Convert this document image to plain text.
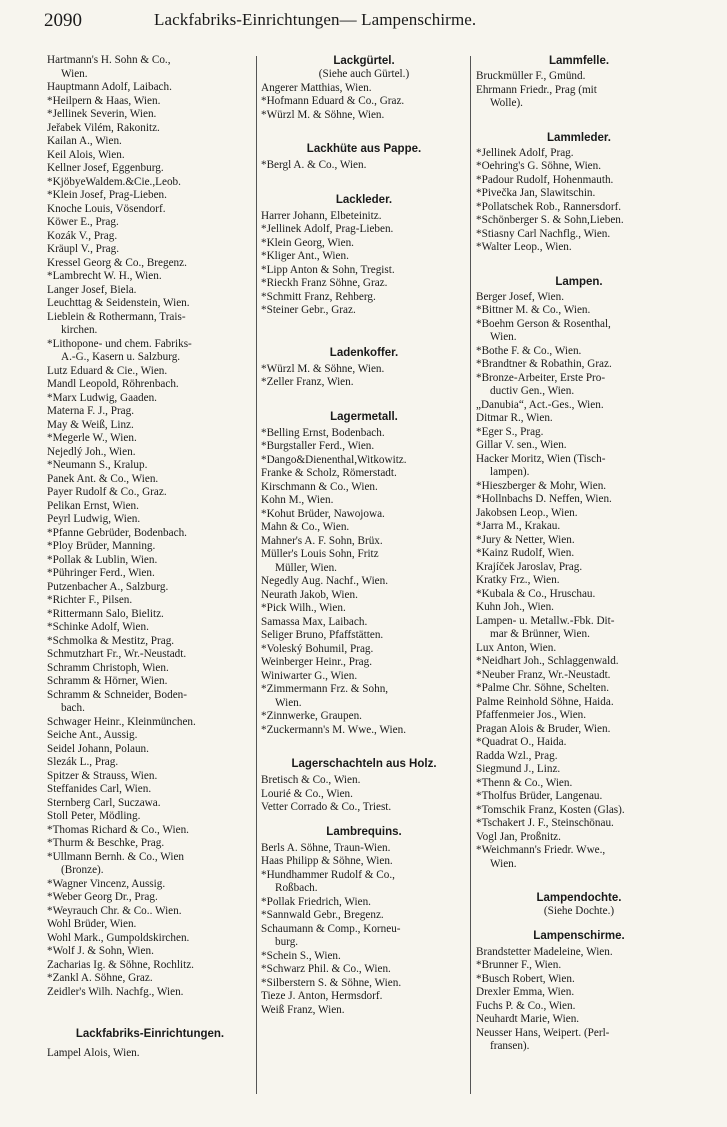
2090	Lackfabriks-Einrichtungen— Lampenschirme.
Hartmann's H. Sohn & Co.,
Wien.
Hauptmann Adolf, Laibach.
*Heilpern & Haas, Wien.
*Jellinek Severin, Wien.
Jeřabek Vilém, Rakonitz.
Kailan A., Wien.
Keil Alois, Wien.
Kellner Josef, Eggenburg.
*KjöbyeWaldem.&Cie.,Leob.
*Klein Josef, Prag-Lieben.
Knoche Louis, Vösendorf.
Köwer E., Prag.
Kozák V., Prag.
Kräupl V., Prag.
Kressel Georg & Co., Bregenz.
*Lambrecht W. H., Wien.
Langer Josef, Biela.
Leuchttag & Seidenstein, Wien.
Lieblein & Rothermann, Trais-
kirchen.
*Lithopone- und chem. Fabriks-
A.-G., Kasern u. Salzburg.
Lutz Eduard & Cie., Wien.
Mandl Leopold, Röhrenbach.
*Marx Ludwig, Gaaden.
Materna F. J., Prag.
May & Weiß, Linz.
*Megerle W., Wien.
Nejedlý Joh., Wien.
*Neumann S., Kralup.
Panek Ant. & Co., Wien.
Payer Rudolf & Co., Graz.
Pelikan Ernst, Wien.
Peyrl Ludwig, Wien.
*Pfanne Gebrüder, Bodenbach.
*Ploy Brüder, Manning.
*Pollak & Lublin, Wien.
*Pühringer Ferd., Wien.
Putzenbacher A., Salzburg.
*Richter F., Pilsen.
*Rittermann Salo, Bielitz.
*Schinke Adolf, Wien.
*Schmolka & Mestitz, Prag.
Schmutzhart Fr., Wr.-Neustadt.
Schramm Christoph, Wien.
Schramm & Hörner, Wien.
Schramm & Schneider, Boden-
bach.
Schwager Heinr., Kleinmünchen.
Seiche Ant., Aussig.
Seidel Johann, Polaun.
Slezák L., Prag.
Spitzer & Strauss, Wien.
Steffanides Carl, Wien.
Sternberg Carl, Suczawa.
Stoll Peter, Mödling.
*Thomas Richard & Co., Wien.
*Thurm & Beschke, Prag.
*Ullmann Bernh. & Co., Wien
(Bronze).
*Wagner Vincenz, Aussig.
*Weber Georg Dr., Prag.
*Weyrauch Chr. & Co.. Wien.
Wohl Brüder, Wien.
Wohl Mark., Gumpoldskirchen.
*Wolf J. & Sohn, Wien.
Zacharias Ig. & Söhne, Rochlitz.
*Zankl A. Söhne, Graz.
Zeidler's Wilh. Nachfg., Wien.
Lackfabriks-Einrichtungen.
Lampel Alois, Wien.
Lackgürtel.
(Siehe auch Gürtel.)
Angerer Matthias, Wien.
*Hofmann Eduard & Co., Graz.
*Würzl M. & Söhne, Wien.
Lackhüte aus Pappe.
*Bergl A. & Co., Wien.
Lackleder.
Harrer Johann, Elbeteinitz.
*Jellinek Adolf, Prag-Lieben.
*Klein Georg, Wien.
*Kliger Ant., Wien.
*Lipp Anton & Sohn, Tregist.
*Rieckh Franz Söhne, Graz.
*Schmitt Franz, Rehberg.
*Steiner Gebr., Graz.
Ladenkoffer.
*Würzl M. & Söhne, Wien.
*Zeller Franz, Wien.
Lagermetall.
*Belling Ernst, Bodenbach.
*Burgstaller Ferd., Wien.
*Dango&Dienenthal,Witkowitz.
Franke & Scholz, Römerstadt.
Kirschmann & Co., Wien.
Kohn M., Wien.
*Kohut Brüder, Nawojowa.
Mahn & Co., Wien.
Mahner's A. F. Sohn, Brüx.
Müller's Louis Sohn, Fritz
Müller, Wien.
Negedly Aug. Nachf., Wien.
Neurath Jakob, Wien.
*Pick Wilh., Wien.
Samassa Max, Laibach.
Seliger Bruno, Pfaffstätten.
*Voleský Bohumil, Prag.
Weinberger Heinr., Prag.
Winiwarter G., Wien.
*Zimmermann Frz. & Sohn,
Wien.
*Zinnwerke, Graupen.
*Zuckermann's M. Wwe., Wien.
Lagerschachteln aus Holz.
Bretisch & Co., Wien.
Lourié & Co., Wien.
Vetter Corrado & Co., Triest.
Lambrequins.
Berls A. Söhne, Traun-Wien.
Haas Philipp & Söhne, Wien.
*Hundhammer Rudolf & Co.,
Roßbach.
*Pollak Friedrich, Wien.
*Sannwald Gebr., Bregenz.
Schaumann & Comp., Korneu-
burg.
*Schein S., Wien.
*Schwarz Phil. & Co., Wien.
*Silberstern S. & Söhne, Wien.
Tieze J. Anton, Hermsdorf.
Weiß Franz, Wien.
Lammfelle.
Bruckmüller F., Gmünd.
Ehrmann Friedr., Prag (mit
Wolle).
Lammleder.
*Jellinek Adolf, Prag.
*Oehring's G. Söhne, Wien.
*Padour Rudolf, Hohenmauth.
*Pivečka Jan, Slawitschin.
*Pollatschek Rob., Rannersdorf.
*Schönberger S. & Sohn,Lieben.
*Stiasny Carl Nachflg., Wien.
*Walter Leop., Wien.
Lampen.
Berger Josef, Wien.
*Bittner M. & Co., Wien.
*Boehm Gerson & Rosenthal,
Wien.
*Bothe F. & Co., Wien.
*Brandtner & Robathin, Graz.
*Bronze-Arbeiter, Erste Pro-
ductiv Gen., Wien.
„Danubia“, Act.-Ges., Wien.
Ditmar R., Wien.
*Eger S., Prag.
Gillar V. sen., Wien.
Hacker Moritz, Wien (Tisch-
lampen).
*Hieszberger & Mohr, Wien.
*Hollnbachs D. Neffen, Wien.
Jakobsen Leop., Wien.
*Jarra M., Krakau.
*Jury & Netter, Wien.
*Kainz Rudolf, Wien.
Krajíček Jaroslav, Prag.
Kratky Frz., Wien.
*Kubala & Co., Hruschau.
Kuhn Joh., Wien.
Lampen- u. Metallw.-Fbk. Dit-
mar & Brünner, Wien.
Lux Anton, Wien.
*Neidhart Joh., Schlaggenwald.
*Neuber Franz, Wr.-Neustadt.
*Palme Chr. Söhne, Schelten.
Palme Reinhold Söhne, Haida.
Pfaffenmeier Jos., Wien.
Pragan Alois & Bruder, Wien.
*Quadrat O., Haida.
Radda Wzl., Prag.
Siegmund J., Linz.
*Thenn & Co., Wien.
*Tholfus Brüder, Langenau.
*Tomschik Franz, Kosten (Glas).
*Tschakert J. F., Steinschönau.
Vogl Jan, Proßnitz.
*Weichmann's Friedr. Wwe.,
Wien.
Lampendochte.
(Siehe Dochte.)
Lampenschirme.
Brandstetter Madeleine, Wien.
*Brunner F., Wien.
*Busch Robert, Wien.
Drexler Emma, Wien.
Fuchs P. & Co., Wien.
Neuhardt Marie, Wien.
Neusser Hans, Weipert. (Perl-
fransen).
